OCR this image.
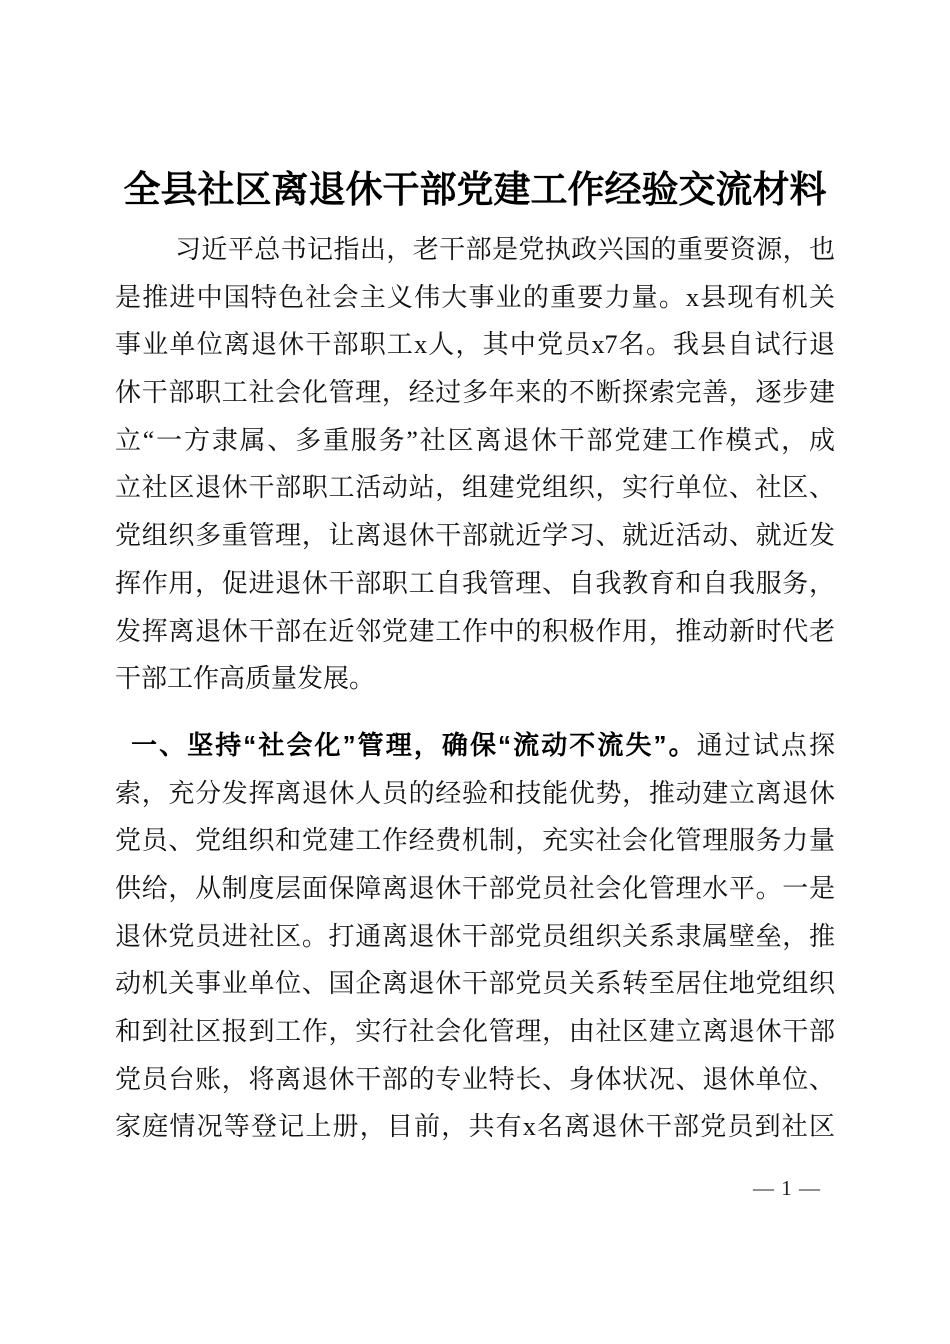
全县社区离退休干部党建工作经验交流材料
习近平总书记指出，老干部是党执政兴国的重要资源，也
是推进中国特色社会主义伟大事业的重要力量。x县现有机关
事业单位离退休干部职工x人，其中党员x7名。我县自试行退
休干部职工社会化管理，经过多年来的不断探索完善，逐步建
立“一方隶属、多重服务”社区离退休干部党建工作模式，成
立社区退休干部职工活动站，组建党组织，实行单位、社区、
党组织多重管理，让离退休干部就近学习、就近活动、就近发
挥作用，促进退休干部职工自我管理、自我教育和自我服务，
发挥离退休干部在近邻党建工作中的积极作用，推动新时代老
干部工作高质量发展。
一、坚持“社会化”管理，确保“流动不流失”。通过试点探
索，充分发挥离退休人员的经验和技能优势，推动建立离退休
党员、党组织和党建工作经费机制，充实社会化管理服务力量
供给，从制度层面保障离退休干部党员社会化管理水平。一是
退休党员进社区。打通离退休干部党员组织关系隶属壁垒，推
动机关事业单位、国企离退休干部党员关系转至居住地党组织
和到社区报到工作，实行社会化管理，由社区建立离退休干部
党员台账，将离退休干部的专业特长、身体状况、退休单位、
家庭情况等登记上册，目前，共有x名离退休干部党员到社区
— 1 —
